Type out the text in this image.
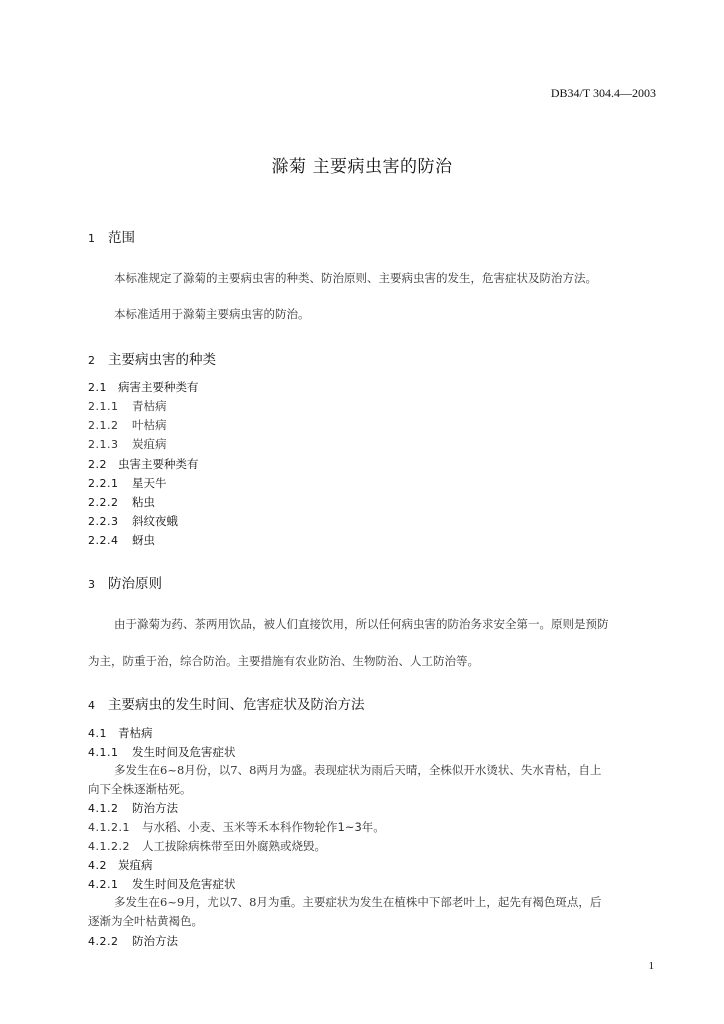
DB34/T 304.4—2003
滁菊 主要病虫害的防治
1 范围
本标准规定了滁菊的主要病虫害的种类、防治原则、主要病虫害的发生，危害症状及防治方法。
本标准适用于滁菊主要病虫害的防治。
2 主要病虫害的种类
2.1 病害主要种类有
2.1.1 青枯病
2.1.2 叶枯病
2.1.3 炭疽病
2.2 虫害主要种类有
2.2.1 星天牛
2.2.2 粘虫
2.2.3 斜纹夜蛾
2.2.4 蚜虫
3 防治原则
由于滁菊为药、茶两用饮品，被人们直接饮用，所以任何病虫害的防治务求安全第一。原则是预防
为主，防重于治，综合防治。主要措施有农业防治、生物防治、人工防治等。
4 主要病虫的发生时间、危害症状及防治方法
4.1 青枯病
4.1.1 发生时间及危害症状
多发生在6~8月份，以7、8两月为盛。表现症状为雨后天晴，全株似开水烫状、失水青枯，自上
向下全株逐渐枯死。
4.1.2 防治方法
4.1.2.1 与水稻、小麦、玉米等禾本科作物轮作1~3年。
4.1.2.2 人工拔除病株带至田外腐熟或烧毁。
4.2 炭疽病
4.2.1 发生时间及危害症状
多发生在6~9月，尤以7、8月为重。主要症状为发生在植株中下部老叶上，起先有褐色斑点，后
逐渐为全叶枯黄褐色。
4.2.2 防治方法
1
